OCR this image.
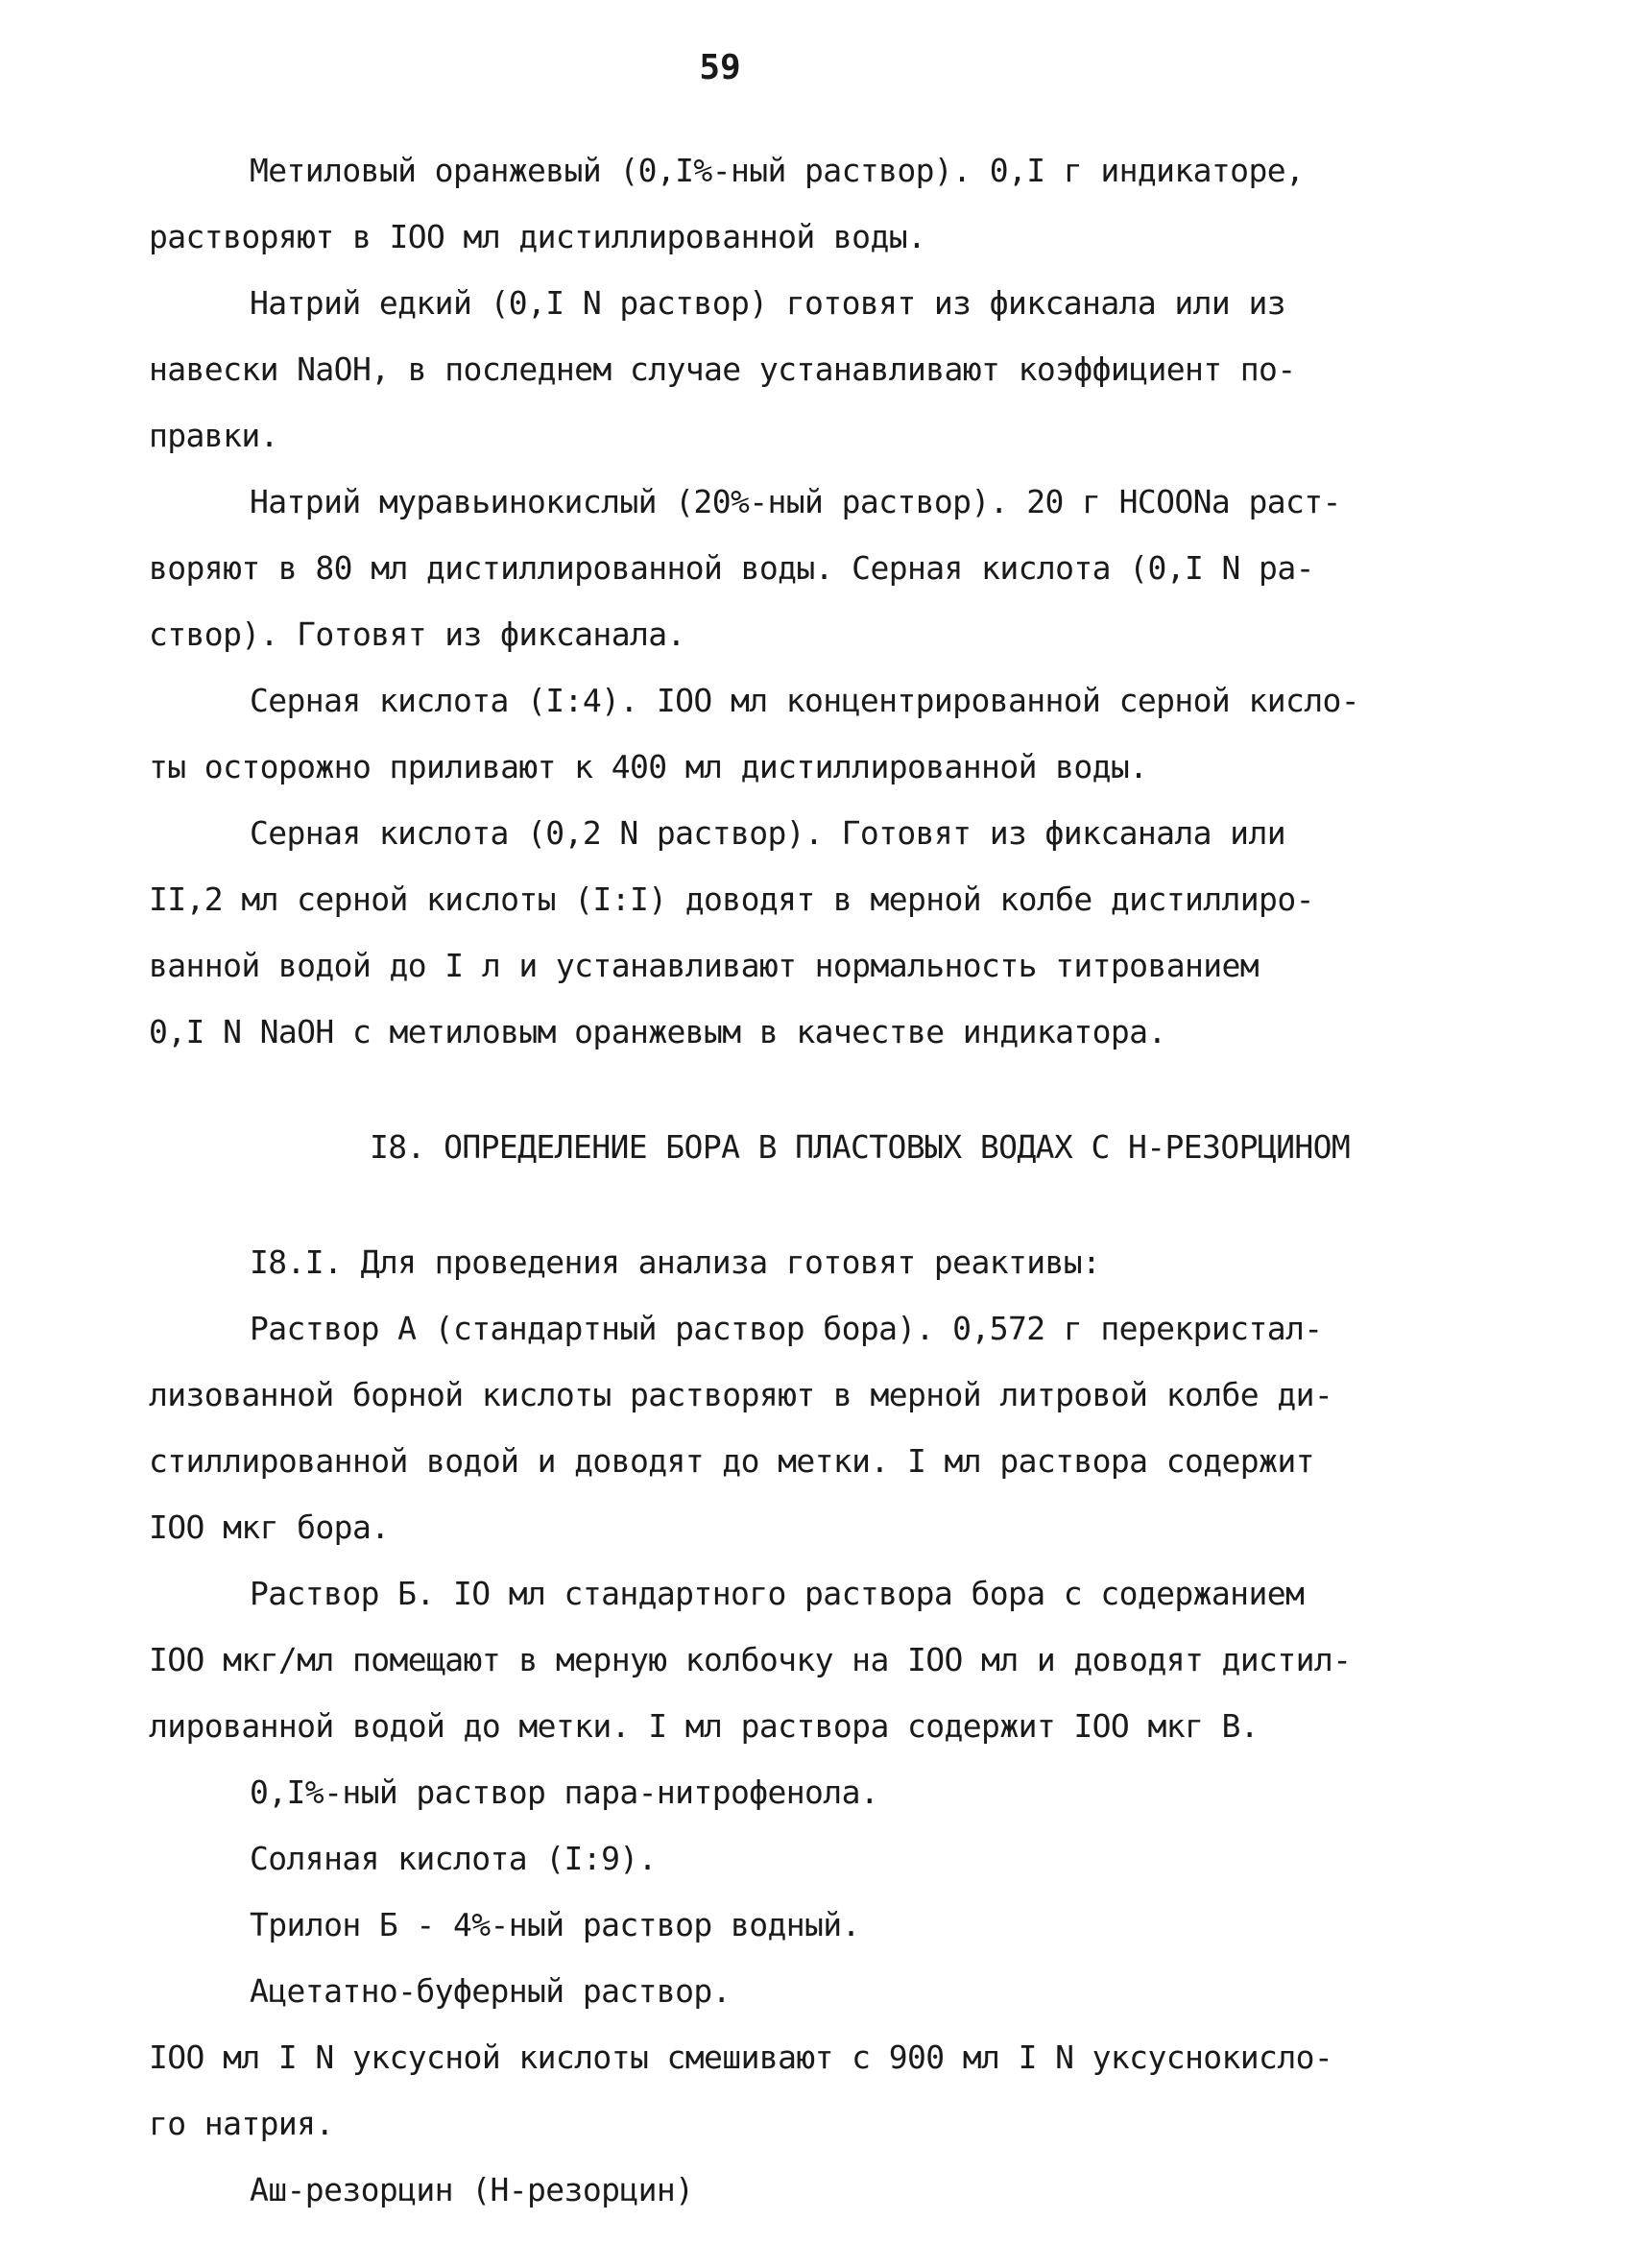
59
Метиловый оранжевый (0,I%-ный раствор). 0,I г индикаторе,
растворяют в IOO мл дистиллированной воды.
Натрий едкий (0,I N раствор) готовят из фиксанала или из
навески NaOH, в последнем случае устанавливают коэффициент по-
правки.
Натрий муравьинокислый (20%-ный раствор). 20 г HCOONa раст-
воряют в 80 мл дистиллированной воды. Серная кислота (0,I N ра-
створ). Готовят из фиксанала.
Серная кислота (I:4). IOO мл концентрированной серной кисло-
ты осторожно приливают к 400 мл дистиллированной воды.
Серная кислота (0,2 N раствор). Готовят из фиксанала или
II,2 мл серной кислоты (I:I) доводят в мерной колбе дистиллиро-
ванной водой до I л и устанавливают нормальность титрованием
0,I N NaOH с метиловым оранжевым в качестве индикатора.
I8. ОПРЕДЕЛЕНИЕ БОРА В ПЛАСТОВЫХ ВОДАХ С Н-РЕЗОРЦИНОМ
I8.I. Для проведения анализа готовят реактивы:
Раствор А (стандартный раствор бора). 0,572 г перекристал-
лизованной борной кислоты растворяют в мерной литровой колбе ди-
стиллированной водой и доводят до метки. I мл раствора содержит
IOO мкг бора.
Раствор Б. IO мл стандартного раствора бора с содержанием
IOO мкг/мл помещают в мерную колбочку на IOO мл и доводят дистил-
лированной водой до метки. I мл раствора содержит IOO мкг В.
0,I%-ный раствор пара-нитрофенола.
Соляная кислота (I:9).
Трилон Б - 4%-ный раствор водный.
Ацетатно-буферный раствор.
IOO мл I N уксусной кислоты смешивают с 900 мл I N уксуснокисло-
го натрия.
Аш-резорцин (Н-резорцин)
